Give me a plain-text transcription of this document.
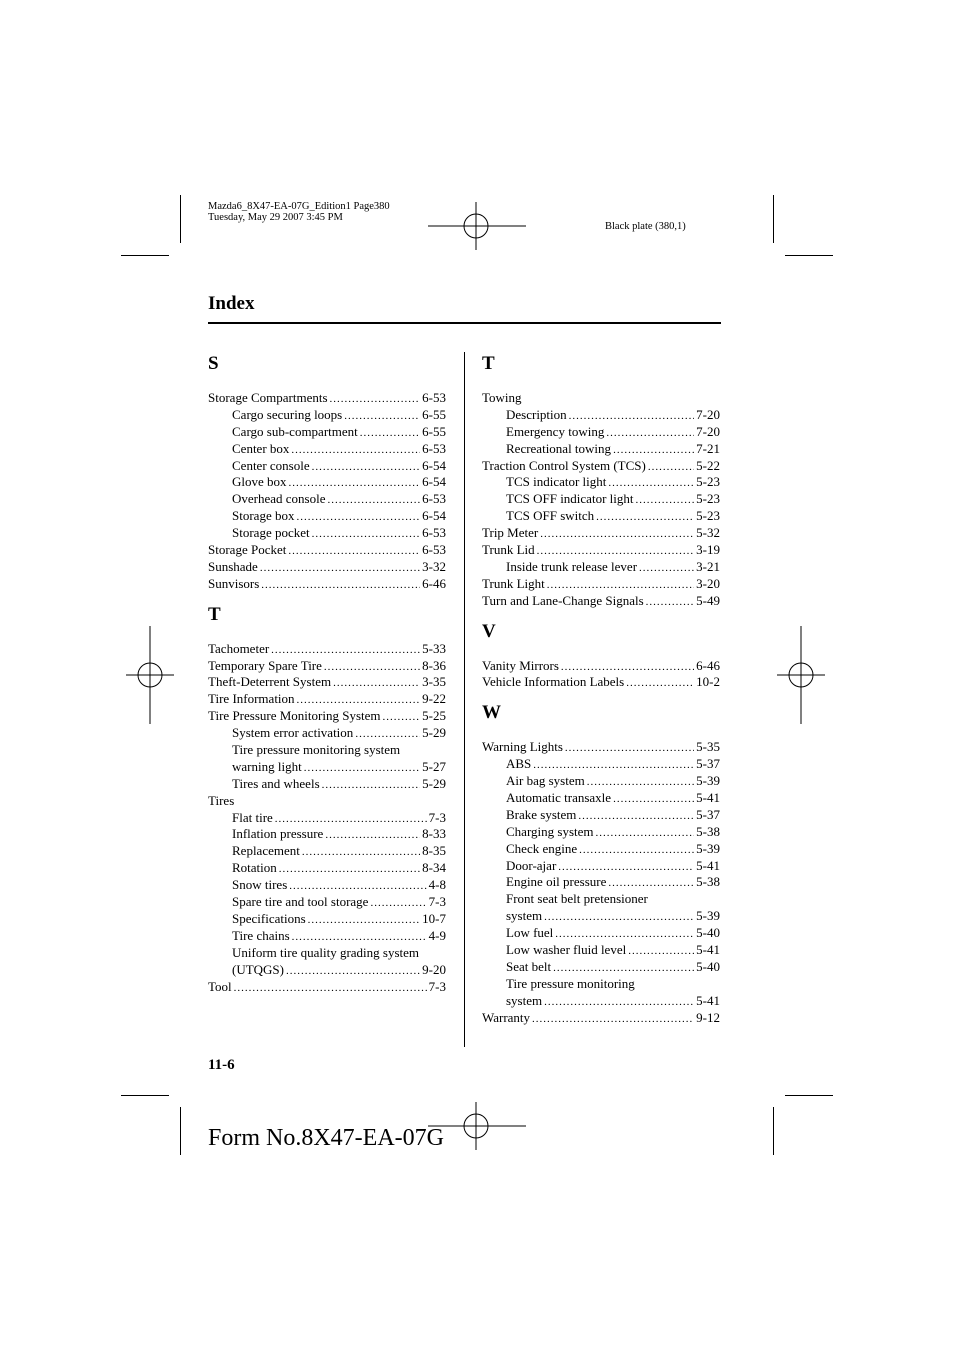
Mazda6_8X47-EA-07G_Edition1 Page380
Tuesday, May 29 2007 3:45 PM
Black plate (380,1)
Index
S
Storage Compartments .....	6-53
Cargo securing loops .....	6-55
Cargo sub-compartment .....	6-55
Center box .....	6-53
Center console .....	6-54
Glove box .....	6-54
Overhead console .....	6-53
Storage box .....	6-54
Storage pocket .....	6-53
Storage Pocket .....	6-53
Sunshade .....	3-32
Sunvisors .....	6-46
T
Tachometer .....	5-33
Temporary Spare Tire .....	8-36
Theft-Deterrent System .....	3-35
Tire Information .....	9-22
Tire Pressure Monitoring System .....	5-25
System error activation .....	5-29
Tire pressure monitoring system
warning light .....	5-27
Tires and wheels .....	5-29
Tires
Flat tire .....	7-3
Inflation pressure .....	8-33
Replacement .....	8-35
Rotation .....	8-34
Snow tires .....	4-8
Spare tire and tool storage .....	7-3
Specifications .....	10-7
Tire chains .....	4-9
Uniform tire quality grading system
(UTQGS) .....	9-20
Tool .....	7-3
T
Towing
Description .....	7-20
Emergency towing .....	7-20
Recreational towing .....	7-21
Traction Control System (TCS) .....	5-22
TCS indicator light .....	5-23
TCS OFF indicator light .....	5-23
TCS OFF switch .....	5-23
Trip Meter .....	5-32
Trunk Lid .....	3-19
Inside trunk release lever .....	3-21
Trunk Light .....	3-20
Turn and Lane-Change Signals .....	5-49
V
Vanity Mirrors .....	6-46
Vehicle Information Labels .....	10-2
W
Warning Lights .....	5-35
ABS .....	5-37
Air bag system .....	5-39
Automatic transaxle .....	5-41
Brake system .....	5-37
Charging system .....	5-38
Check engine .....	5-39
Door-ajar .....	5-41
Engine oil pressure .....	5-38
Front seat belt pretensioner
system .....	5-39
Low fuel .....	5-40
Low washer fluid level .....	5-41
Seat belt .....	5-40
Tire pressure monitoring
system .....	5-41
Warranty .....	9-12
11-6
Form No.8X47-EA-07G
